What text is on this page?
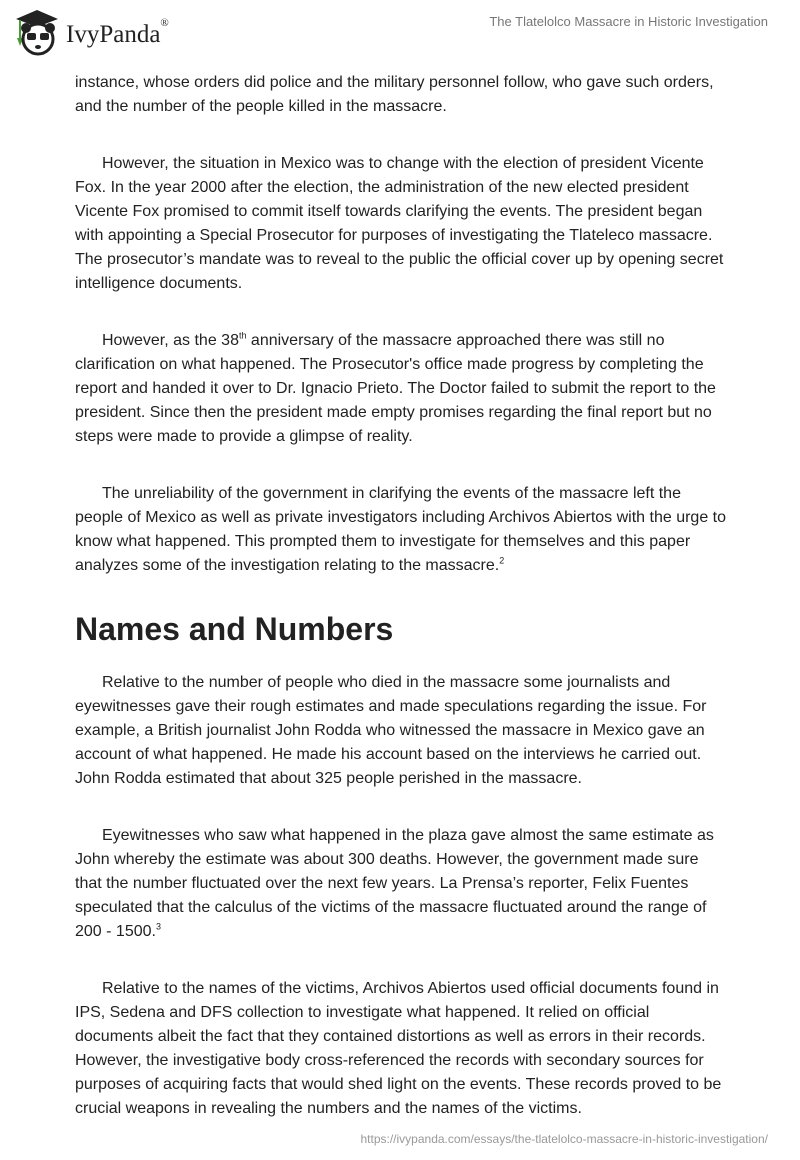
IvyPanda®	The Tlatelolco Massacre in Historic Investigation

instance, whose orders did police and the military personnel follow, who gave such orders, and the number of the people killed in the massacre.

However, the situation in Mexico was to change with the election of president Vicente Fox. In the year 2000 after the election, the administration of the new elected president Vicente Fox promised to commit itself towards clarifying the events. The president began with appointing a Special Prosecutor for purposes of investigating the Tlateleco massacre. The prosecutor’s mandate was to reveal to the public the official cover up by opening secret intelligence documents.

However, as the 38th anniversary of the massacre approached there was still no clarification on what happened. The Prosecutor's office made progress by completing the report and handed it over to Dr. Ignacio Prieto. The Doctor failed to submit the report to the president. Since then the president made empty promises regarding the final report but no steps were made to provide a glimpse of reality.

The unreliability of the government in clarifying the events of the massacre left the people of Mexico as well as private investigators including Archivos Abiertos with the urge to know what happened. This prompted them to investigate for themselves and this paper analyzes some of the investigation relating to the massacre.$^2$

Names and Numbers

Relative to the number of people who died in the massacre some journalists and eyewitnesses gave their rough estimates and made speculations regarding the issue. For example, a British journalist John Rodda who witnessed the massacre in Mexico gave an account of what happened. He made his account based on the interviews he carried out. John Rodda estimated that about 325 people perished in the massacre.

Eyewitnesses who saw what happened in the plaza gave almost the same estimate as John whereby the estimate was about 300 deaths. However, the government made sure that the number fluctuated over the next few years. La Prensa’s reporter, Felix Fuentes speculated that the calculus of the victims of the massacre fluctuated around the range of 200 - 1500.$^3$

Relative to the names of the victims, Archivos Abiertos used official documents found in IPS, Sedena and DFS collection to investigate what happened. It relied on official documents albeit the fact that they contained distortions as well as errors in their records. However, the investigative body cross-referenced the records with secondary sources for purposes of acquiring facts that would shed light on the events. These records proved to be crucial weapons in revealing the numbers and the names of the victims.

https://ivypanda.com/essays/the-tlatelolco-massacre-in-historic-investigation/
